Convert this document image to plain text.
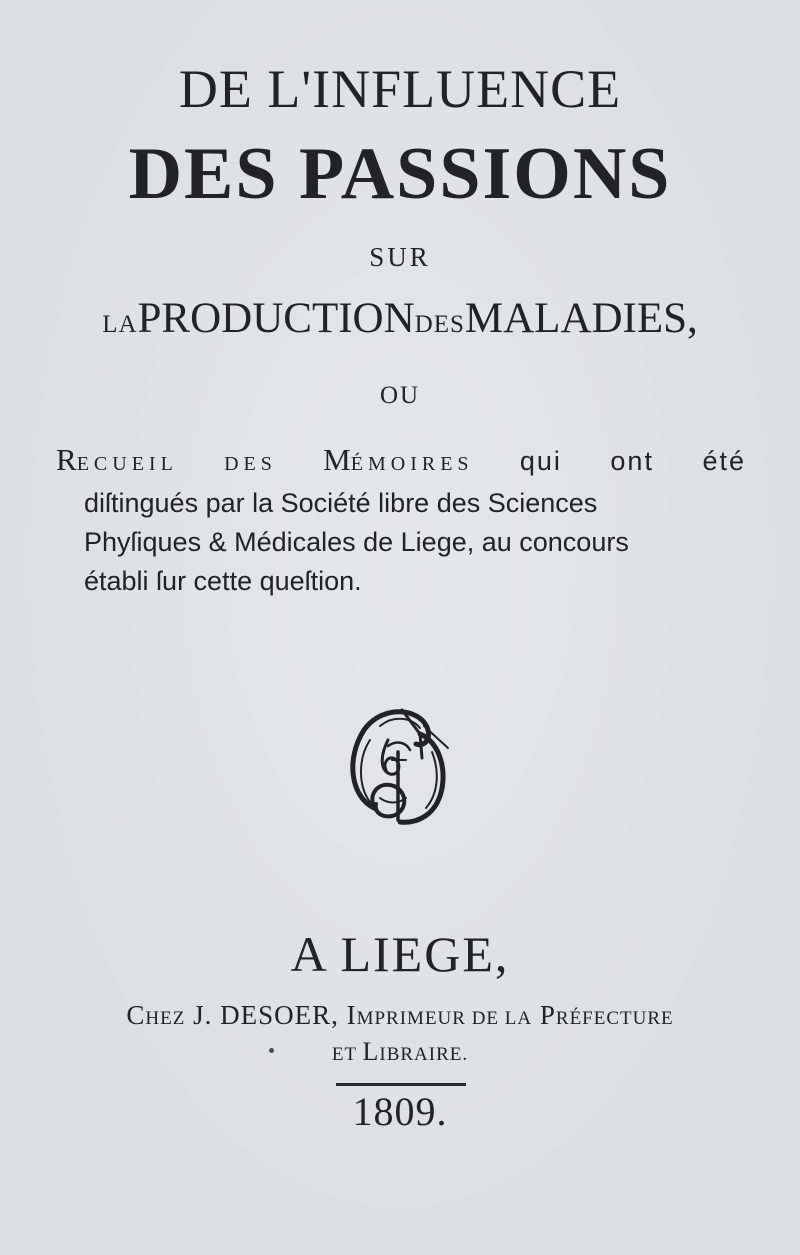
DE L'INFLUENCE
DES PASSIONS
SUR
LAPRODUCTIONDESMALADIES,
OU
RECUEIL DES MÉMOIRES qui ont été
diſtingués par la Société libre des Sciences
Phyſiques & Médicales de Liege, au concours
établi ſur cette queſtion.
A LIEGE,
CHEZ J. DESOER, IMPRIMEUR DE LA PRÉFECTURE
ET LIBRAIRE.
1809.
